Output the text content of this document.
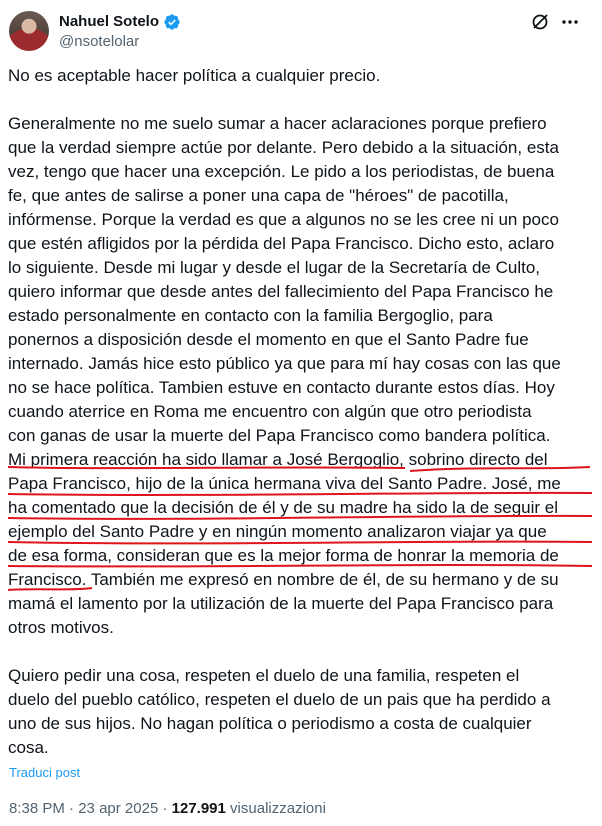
Nahuel Sotelo
@nsotelolar

No es aceptable hacer política a cualquier precio.

Generalmente no me suelo sumar a hacer aclaraciones porque prefiero
que la verdad siempre actúe por delante. Pero debido a la situación, esta
vez, tengo que hacer una excepción. Le pido a los periodistas, de buena
fe, que antes de salirse a poner una capa de "héroes" de pacotilla,
infórmense. Porque la verdad es que a algunos no se les cree ni un poco
que estén afligidos por la pérdida del Papa Francisco. Dicho esto, aclaro
lo siguiente. Desde mi lugar y desde el lugar de la Secretaría de Culto,
quiero informar que desde antes del fallecimiento del Papa Francisco he
estado personalmente en contacto con la familia Bergoglio, para
ponernos a disposición desde el momento en que el Santo Padre fue
internado. Jamás hice esto público ya que para mí hay cosas con las que
no se hace política. Tambien estuve en contacto durante estos días. Hoy
cuando aterrice en Roma me encuentro con algún que otro periodista
con ganas de usar la muerte del Papa Francisco como bandera política.
Mi primera reacción ha sido llamar a José Bergoglio, sobrino directo del
Papa Francisco, hijo de la única hermana viva del Santo Padre. José, me
ha comentado que la decisión de él y de su madre ha sido la de seguir el
ejemplo del Santo Padre y en ningún momento analizaron viajar ya que
de esa forma, consideran que es la mejor forma de honrar la memoria de
Francisco. También me expresó en nombre de él, de su hermano y de su
mamá el lamento por la utilización de la muerte del Papa Francisco para
otros motivos.

Quiero pedir una cosa, respeten el duelo de una familia, respeten el
duelo del pueblo católico, respeten el duelo de un pais que ha perdido a
uno de sus hijos. No hagan política o periodismo a costa de cualquier
cosa.

Traduci post
8:38 PM · 23 apr 2025 · 127.991 visualizzazioni
